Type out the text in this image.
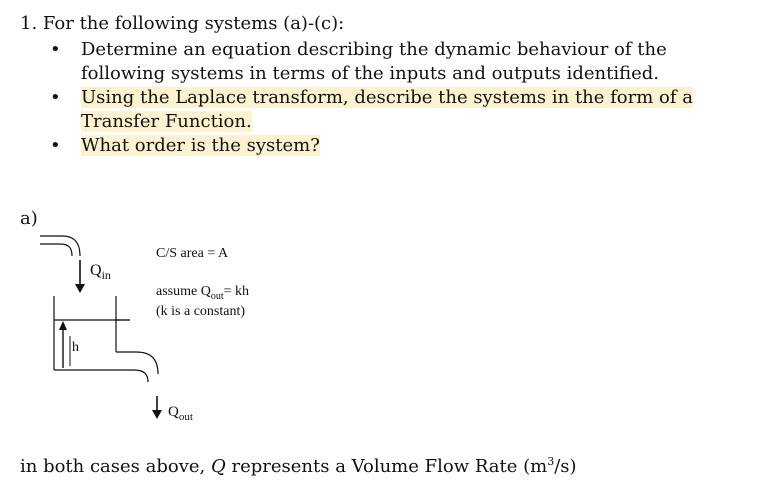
1. For the following systems (a)-(c):
•	Determine an equation describing the dynamic behaviour of the following systems in terms of the inputs and outputs identified.
•	Using the Laplace transform, describe the systems in the form of a Transfer Function.
•	What order is the system?
a)
$Q_{in}$
C/S area = A
assume $Q_{out}=$ kh
(k is a constant)
h
$Q_{out}$
in both cases above, Q represents a Volume Flow Rate $(m^3/s)$
